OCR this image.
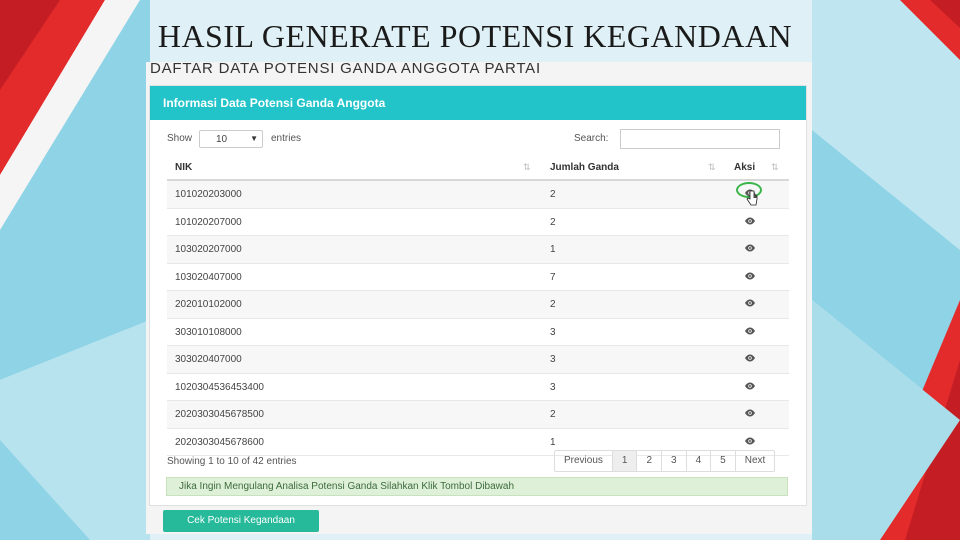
HASIL GENERATE POTENSI KEGANDAAN
DAFTAR DATA POTENSI GANDA ANGGOTA PARTAI
Informasi Data Potensi Ganda Anggota
Show	10	▼ entries	Search:
NIK	⇅ Jumlah Ganda	⇅ Aksi ⇅
101020203000	2
101020207000	2
103020207000	1
103020407000	7
202010102000	2
303010108000	3
303020407000	3
1020304536453400	3
2020303045678500	2
2020303045678600	1
Showing 1 to 10 of 42 entries	Previous	1	2	3	4	5	Next
Jika Ingin Mengulang Analisa Potensi Ganda Silahkan Klik Tombol Dibawah
Cek Potensi Kegandaan
